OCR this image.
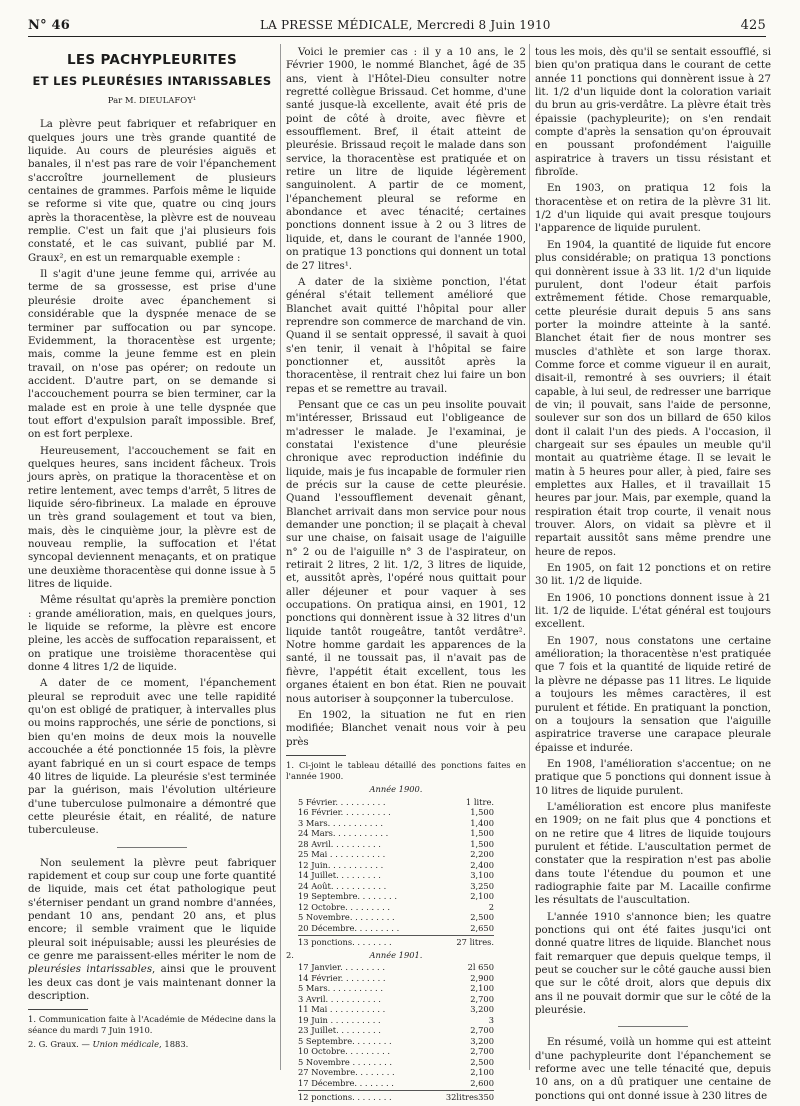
N° 46	LA PRESSE MÉDICALE, Mercredi 8 Juin 1910	425

LES PACHYPLEURITES

ET LES PLEURÉSIES INTARISSABLES

Par M. DIEULAFOY¹

La plèvre peut fabriquer et refabriquer en quelques jours une très grande quantité de liquide. Au cours de pleurésies aiguës et banales, il n'est pas rare de voir l'épanchement s'accroître journellement de plusieurs centaines de grammes. Parfois même le liquide se reforme si vite que, quatre ou cinq jours après la thoracentèse, la plèvre est de nouveau remplie. C'est un fait que j'ai plusieurs fois constaté, et le cas suivant, publié par M. Graux², en est un remarquable exemple :

Il s'agit d'une jeune femme qui, arrivée au terme de sa grossesse, est prise d'une pleurésie droite avec épanchement si considérable que la dyspnée menace de se terminer par suffocation ou par syncope. Evidemment, la thoracentèse est urgente; mais, comme la jeune femme est en plein travail, on n'ose pas opérer; on redoute un accident. D'autre part, on se demande si l'accouchement pourra se bien terminer, car la malade est en proie à une telle dyspnée que tout effort d'expulsion paraît impossible. Bref, on est fort perplexe.

Heureusement, l'accouchement se fait en quelques heures, sans incident fâcheux. Trois jours après, on pratique la thoracentèse et on retire lentement, avec temps d'arrêt, 5 litres de liquide séro-fibrineux. La malade en éprouve un très grand soulagement et tout va bien, mais, dès le cinquième jour, la plèvre est de nouveau remplie, la suffocation et l'état syncopal deviennent menaçants, et on pratique une deuxième thoracentèse qui donne issue à 5 litres de liquide.

Même résultat qu'après la première ponction : grande amélioration, mais, en quelques jours, le liquide se reforme, la plèvre est encore pleine, les accès de suffocation reparaissent, et on pratique une troisième thoracentèse qui donne 4 litres 1/2 de liquide.

A dater de ce moment, l'épanchement pleural se reproduit avec une telle rapidité qu'on est obligé de pratiquer, à intervalles plus ou moins rapprochés, une série de ponctions, si bien qu'en moins de deux mois la nouvelle accouchée a été ponctionnée 15 fois, la plèvre ayant fabriqué en un si court espace de temps 40 litres de liquide. La pleurésie s'est terminée par la guérison, mais l'évolution ultérieure d'une tuberculose pulmonaire a démontré que cette pleurésie était, en réalité, de nature tuberculeuse.

Non seulement la plèvre peut fabriquer rapidement et coup sur coup une forte quantité de liquide, mais cet état pathologique peut s'éterniser pendant un grand nombre d'années, pendant 10 ans, pendant 20 ans, et plus encore; il semble vraiment que le liquide pleural soit inépuisable; aussi les pleurésies de ce genre me paraissent-elles mériter le nom de pleurésies intarissables, ainsi que le prouvent les deux cas dont je vais maintenant donner la description.

1. Communication faite à l'Académie de Médecine dans la séance du mardi 7 Juin 1910.

2. G. Graux. — Union médicale, 1883.

Voici le premier cas : il y a 10 ans, le 2 Février 1900, le nommé Blanchet, âgé de 35 ans, vient à l'Hôtel-Dieu consulter notre regretté collègue Brissaud. Cet homme, d'une santé jusque-là excellente, avait été pris de point de côté à droite, avec fièvre et essoufflement. Bref, il était atteint de pleurésie. Brissaud reçoit le malade dans son service, la thoracentèse est pratiquée et on retire un litre de liquide légèrement sanguinolent. A partir de ce moment, l'épanchement pleural se reforme en abondance et avec ténacité; certaines ponctions donnent issue à 2 ou 3 litres de liquide, et, dans le courant de l'année 1900, on pratique 13 ponctions qui donnent un total de 27 litres¹.

A dater de la sixième ponction, l'état général s'était tellement amélioré que Blanchet avait quitté l'hôpital pour aller reprendre son commerce de marchand de vin. Quand il se sentait oppressé, il savait à quoi s'en tenir, il venait à l'hôpital se faire ponctionner et, aussitôt après la thoracentèse, il rentrait chez lui faire un bon repas et se remettre au travail.

Pensant que ce cas un peu insolite pouvait m'intéresser, Brissaud eut l'obligeance de m'adresser le malade. Je l'examinai, je constatai l'existence d'une pleurésie chronique avec reproduction indéfinie du liquide, mais je fus incapable de formuler rien de précis sur la cause de cette pleurésie. Quand l'essoufflement devenait gênant, Blanchet arrivait dans mon service pour nous demander une ponction; il se plaçait à cheval sur une chaise, on faisait usage de l'aiguille n° 2 ou de l'aiguille n° 3 de l'aspirateur, on retirait 2 litres, 2 lit. 1/2, 3 litres de liquide, et, aussitôt après, l'opéré nous quittait pour aller déjeuner et pour vaquer à ses occupations. On pratiqua ainsi, en 1901, 12 ponctions qui donnèrent issue à 32 litres d'un liquide tantôt rougeâtre, tantôt verdâtre². Notre homme gardait les apparences de la santé, il ne toussait pas, il n'avait pas de fièvre, l'appétit était excellent, tous les organes étaient en bon état. Rien ne pouvait nous autoriser à soupçonner la tuberculose.

En 1902, la situation ne fut en rien modifiée; Blanchet venait nous voir à peu près

1. Ci-joint le tableau détaillé des ponctions faites en l'année 1900.

Année 1900.
5 Février. . . . . . . . . .	1 litre.
16 Février. . . . . . . . . .	1,500
3 Mars. . . . . . . . . . .	1,400
24 Mars. . . . . . . . . . .	1,500
28 Avril. . . . . . . . . .	1,500
25 Mai . . . . . . . . . . .	2,200
12 Juin. . . . . . . . . . .	2,400
14 Juillet. . . . . . . . .	3,100
24 Août. . . . . . . . . . .	3,250
19 Septembre. . . . . . . .	2,100
12 Octobre. . . . . . . . .	2
5 Novembre. . . . . . . . .	2,500
20 Décembre. . . . . . . . .	2,650
13 ponctions. . . . . . . .	27 litres.
2.	Année 1901.
17 Janvier. . . . . . . . .	2l 650
14 Février. . . . . . . . .	2,900
5 Mars. . . . . . . . . . .	2,100
3 Avril. . . . . . . . . . .	2,700
11 Mai . . . . . . . . . . .	3,200
19 Juin . . . . . . . . . .	3
23 Juillet. . . . . . . . .	2,700
5 Septembre. . . . . . . .	3,200
10 Octobre. . . . . . . . .	2,700
5 Novembre . . . . . . . .	2,500
27 Novembre. . . . . . . .	2,100
17 Décembre. . . . . . . .	2,600
12 ponctions. . . . . . . .	32litres350

tous les mois, dès qu'il se sentait essoufflé, si bien qu'on pratiqua dans le courant de cette année 11 ponctions qui donnèrent issue à 27 lit. 1/2 d'un liquide dont la coloration variait du brun au gris-verdâtre. La plèvre était très épaissie (pachypleurite); on s'en rendait compte d'après la sensation qu'on éprouvait en poussant profondément l'aiguille aspiratrice à travers un tissu résistant et fibroïde.

En 1903, on pratiqua 12 fois la thoracentèse et on retira de la plèvre 31 lit. 1/2 d'un liquide qui avait presque toujours l'apparence de liquide purulent.

En 1904, la quantité de liquide fut encore plus considérable; on pratiqua 13 ponctions qui donnèrent issue à 33 lit. 1/2 d'un liquide purulent, dont l'odeur était parfois extrêmement fétide. Chose remarquable, cette pleurésie durait depuis 5 ans sans porter la moindre atteinte à la santé. Blanchet était fier de nous montrer ses muscles d'athlète et son large thorax. Comme force et comme vigueur il en aurait, disait-il, remontré à ses ouvriers; il était capable, à lui seul, de redresser une barrique de vin; il pouvait, sans l'aide de personne, soulever sur son dos un billard de 650 kilos dont il calait l'un des pieds. A l'occasion, il chargeait sur ses épaules un meuble qu'il montait au quatrième étage. Il se levait le matin à 5 heures pour aller, à pied, faire ses emplettes aux Halles, et il travaillait 15 heures par jour. Mais, par exemple, quand la respiration était trop courte, il venait nous trouver. Alors, on vidait sa plèvre et il repartait aussitôt sans même prendre une heure de repos.

En 1905, on fait 12 ponctions et on retire 30 lit. 1/2 de liquide.

En 1906, 10 ponctions donnent issue à 21 lit. 1/2 de liquide. L'état général est toujours excellent.

En 1907, nous constatons une certaine amélioration; la thoracentèse n'est pratiquée que 7 fois et la quantité de liquide retiré de la plèvre ne dépasse pas 11 litres. Le liquide a toujours les mêmes caractères, il est purulent et fétide. En pratiquant la ponction, on a toujours la sensation que l'aiguille aspiratrice traverse une carapace pleurale épaisse et indurée.

En 1908, l'amélioration s'accentue; on ne pratique que 5 ponctions qui donnent issue à 10 litres de liquide purulent.

L'amélioration est encore plus manifeste en 1909; on ne fait plus que 4 ponctions et on ne retire que 4 litres de liquide toujours purulent et fétide. L'auscultation permet de constater que la respiration n'est pas abolie dans toute l'étendue du poumon et une radiographie faite par M. Lacaille confirme les résultats de l'auscultation.

L'année 1910 s'annonce bien; les quatre ponctions qui ont été faites jusqu'ici ont donné quatre litres de liquide. Blanchet nous fait remarquer que depuis quelque temps, il peut se coucher sur le côté gauche aussi bien que sur le côté droit, alors que depuis dix ans il ne pouvait dormir que sur le côté de la pleurésie.

En résumé, voilà un homme qui est atteint d'une pachypleurite dont l'épanchement se reforme avec une telle ténacité que, depuis 10 ans, on a dû pratiquer une centaine de ponctions qui ont donné issue à 230 litres de
